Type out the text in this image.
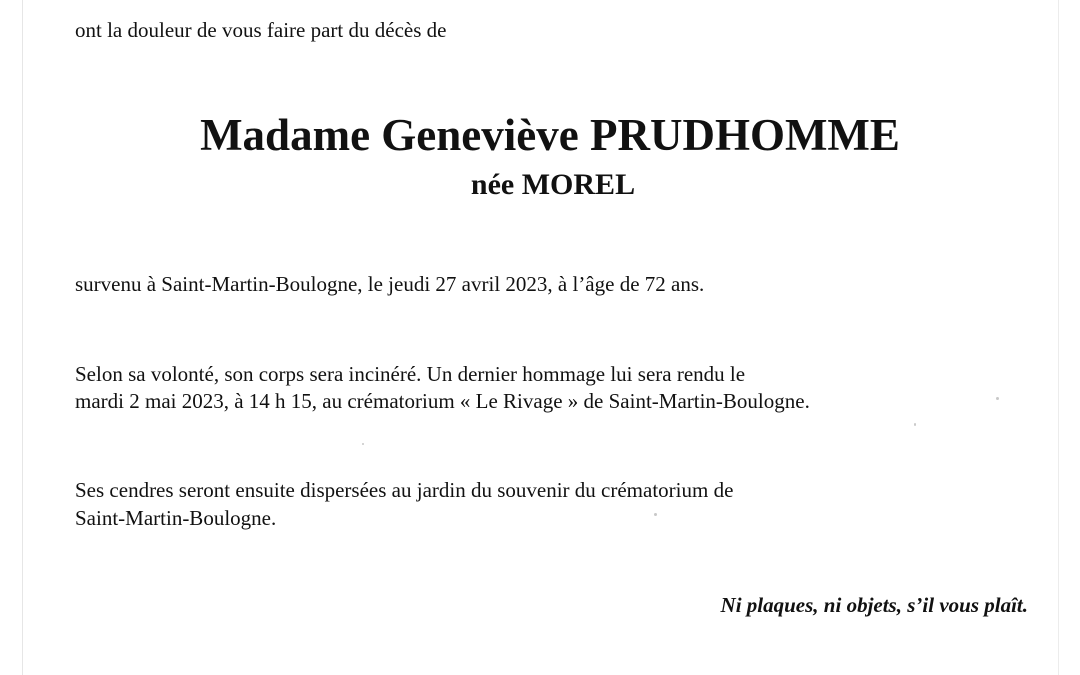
ont la douleur de vous faire part du décès de
Madame Geneviève PRUDHOMME
née MOREL
survenu à Saint-Martin-Boulogne, le jeudi 27 avril 2023, à l’âge de 72 ans.
Selon sa volonté, son corps sera incinéré. Un dernier hommage lui sera rendu le
mardi 2 mai 2023, à 14 h 15, au crématorium « Le Rivage » de Saint-Martin-Boulogne.
Ses cendres seront ensuite dispersées au jardin du souvenir du crématorium de
Saint-Martin-Boulogne.
Ni plaques, ni objets, s’il vous plaît.
